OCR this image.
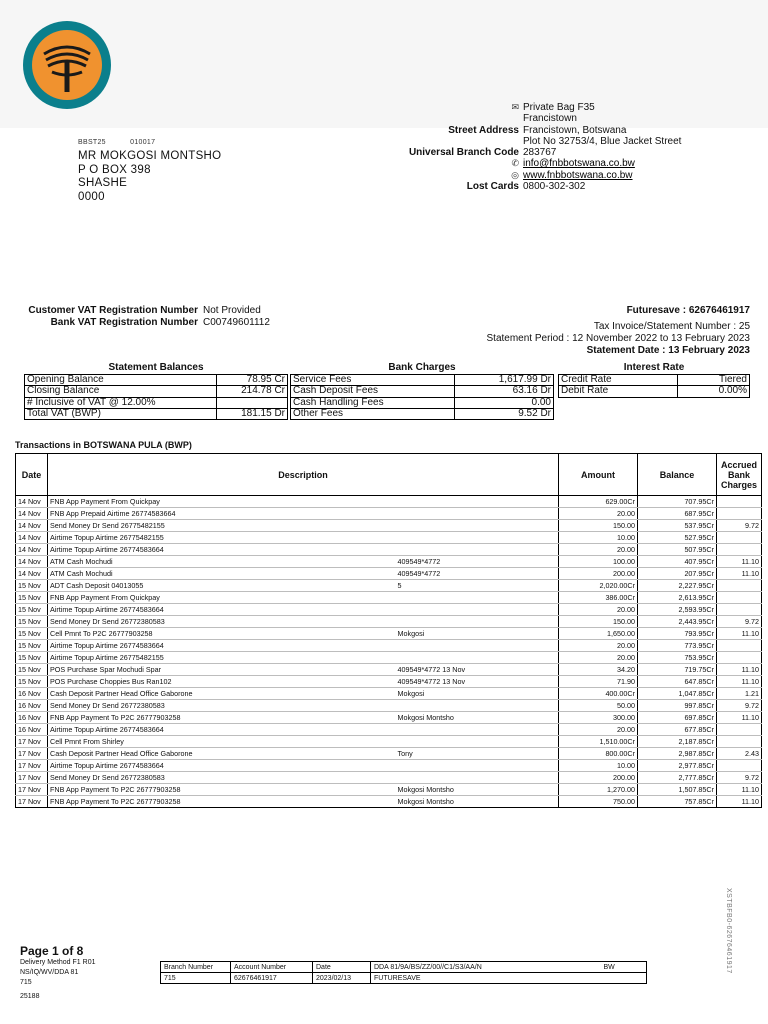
✉ Private Bag F35
Francistown
Street Address Francistown, Botswana
Plot No 32753/4, Blue Jacket Street
Universal Branch Code 283767
✆ info@fnbbotswana.co.bw
◎ www.fnbbotswana.co.bw
Lost Cards 0800-302-302
BBST25	010017
MR MOKGOSI MONTSHO
P O BOX 398
SHASHE
0000
Customer VAT Registration Number Not Provided
Bank VAT Registration Number C00749601112
Futuresave : 62676461917
Tax Invoice/Statement Number : 25
Statement Period : 12 November 2022 to 13 February 2023
Statement Date : 13 February 2023
Statement Balances
Opening Balance	78.95 Cr
Closing Balance	214.78 Cr
# Inclusive of VAT @ 12.00%	
Total VAT (BWP)	181.15 Dr
Bank Charges
Service Fees	1,617.99 Dr
Cash Deposit Fees	63.16 Dr
Cash Handling Fees	0.00
Other Fees	9.52 Dr
Interest Rate
Credit Rate	Tiered
Debit Rate	0.00%
Transactions in BOTSWANA PULA (BWP)
Date	Description		Amount	Balance	Accrued Bank Charges
14 Nov	FNB App Payment From Quickpay		629.00Cr	707.95Cr	
14 Nov	FNB App Prepaid Airtime 26774583664		20.00	687.95Cr	
14 Nov	Send Money Dr Send 26775482155		150.00	537.95Cr	9.72
14 Nov	Airtime Topup Airtime 26775482155		10.00	527.95Cr	
14 Nov	Airtime Topup Airtime 26774583664		20.00	507.95Cr	
14 Nov	ATM Cash Mochudi	409549*4772	100.00	407.95Cr	11.10
14 Nov	ATM Cash Mochudi	409549*4772	200.00	207.95Cr	11.10
15 Nov	ADT Cash Deposit 04013055	5	2,020.00Cr	2,227.95Cr	
15 Nov	FNB App Payment From Quickpay		386.00Cr	2,613.95Cr	
15 Nov	Airtime Topup Airtime 26774583664		20.00	2,593.95Cr	
15 Nov	Send Money Dr Send 26772380583		150.00	2,443.95Cr	9.72
15 Nov	Cell Pmnt To P2C 26777903258	Mokgosi	1,650.00	793.95Cr	11.10
15 Nov	Airtime Topup Airtime 26774583664		20.00	773.95Cr	
15 Nov	Airtime Topup Airtime 26775482155		20.00	753.95Cr	
15 Nov	POS Purchase Spar Mochudi Spar	409549*4772 13 Nov	34.20	719.75Cr	11.10
15 Nov	POS Purchase Choppies Bus Ran102	409549*4772 13 Nov	71.90	647.85Cr	11.10
16 Nov	Cash Deposit Partner Head Office Gaborone	Mokgosi	400.00Cr	1,047.85Cr	1.21
16 Nov	Send Money Dr Send 26772380583		50.00	997.85Cr	9.72
16 Nov	FNB App Payment To P2C 26777903258	Mokgosi Montsho	300.00	697.85Cr	11.10
16 Nov	Airtime Topup Airtime 26774583664		20.00	677.85Cr	
17 Nov	Cell Pmnt From Shirley		1,510.00Cr	2,187.85Cr	
17 Nov	Cash Deposit Partner Head Office Gaborone	Tony	800.00Cr	2,987.85Cr	2.43
17 Nov	Airtime Topup Airtime 26774583664		10.00	2,977.85Cr	
17 Nov	Send Money Dr Send 26772380583		200.00	2,777.85Cr	9.72
17 Nov	FNB App Payment To P2C 26777903258	Mokgosi Montsho	1,270.00	1,507.85Cr	11.10
17 Nov	FNB App Payment To P2C 26777903258	Mokgosi Montsho	750.00	757.85Cr	11.10
XSTBFB0-62676461917
Page 1 of 8
Delivery Method F1 R01
NS/IQ/WV/DDA 81
715
25188
Branch Number	Account Number	Date	DDA 81/9A/BS/ZZ/00//C1/S3/AA/N	BW
715	62676461917	2023/02/13	FUTURESAVE	
